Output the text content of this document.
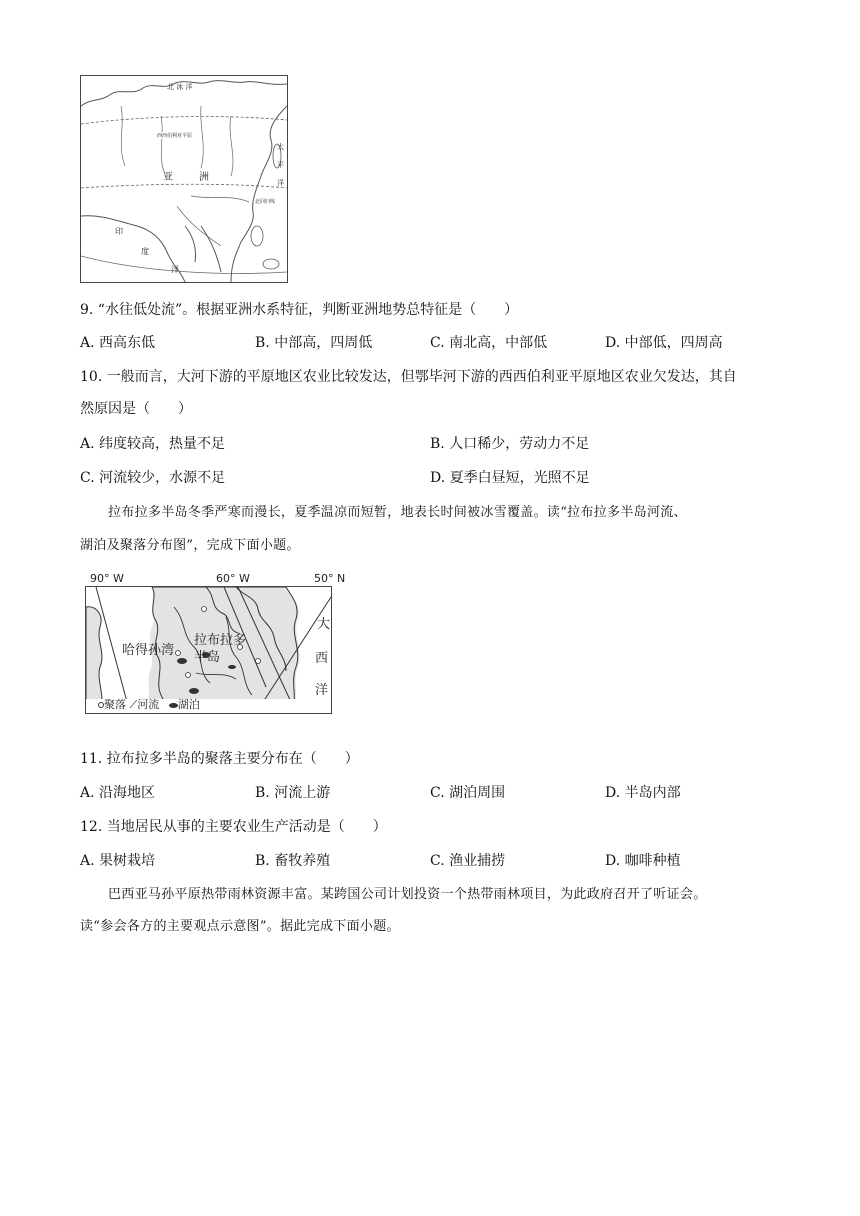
北 冰 洋
西西伯利亚平原
亚	洲
太
平
洋
北回归线
印
度
洋
9. “水往低处流”。根据亚洲水系特征，判断亚洲地势总特征是（　　）
A. 西高东低	B. 中部高，四周低	C. 南北高，中部低	D. 中部低，四周高
10. 一般而言，大河下游的平原地区农业比较发达，但鄂毕河下游的西西伯利亚平原地区农业欠发达，其自
然原因是（　　）
A. 纬度较高，热量不足	B. 人口稀少，劳动力不足
C. 河流较少，水源不足	D. 夏季白昼短，光照不足
拉布拉多半岛冬季严寒而漫长，夏季温凉而短暂，地表长时间被冰雪覆盖。读“拉布拉多半岛河流、
湖泊及聚落分布图”，完成下面小题。
90° W	60° W	50° N
哈得孙湾
拉布拉多
半岛
大
西
洋
聚落 ⟋河流 湖泊
11. 拉布拉多半岛的聚落主要分布在（　　）
A. 沿海地区	B. 河流上游	C. 湖泊周围	D. 半岛内部
12. 当地居民从事的主要农业生产活动是（　　）
A. 果树栽培	B. 畜牧养殖	C. 渔业捕捞	D. 咖啡种植
巴西亚马孙平原热带雨林资源丰富。某跨国公司计划投资一个热带雨林项目，为此政府召开了听证会。
读“参会各方的主要观点示意图”。据此完成下面小题。
